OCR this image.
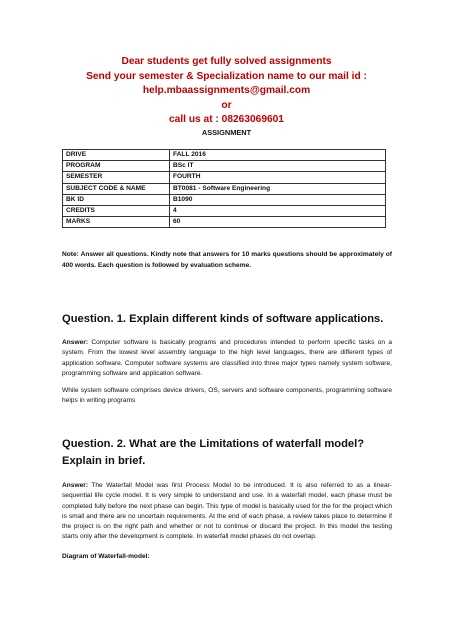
Dear students get fully solved assignments
Send your semester & Specialization name to our mail id :
help.mbaassignments@gmail.com
or
call us at : 08263069601
ASSIGNMENT
DRIVE	FALL 2016
PROGRAM	BSc IT
SEMESTER	FOURTH
SUBJECT CODE & NAME	BT0081 - Software Engineering
BK ID	B1090
CREDITS	4
MARKS	60
Note: Answer all questions. Kindly note that answers for 10 marks questions should be approximately of 400 words. Each question is followed by evaluation scheme.
Question. 1. Explain different kinds of software applications.
Answer: Computer software is basically programs and procedures intended to perform specific tasks on a system. From the lowest level assembly language to the high level languages, there are different types of application software. Computer software systems are classified into three major types namely system software, programming software and application software.
While system software comprises device drivers, OS, servers and software components, programming software helps in writing programs
Question. 2. What are the Limitations of waterfall model? Explain in brief.
Answer: The Waterfall Model was first Process Model to be introduced. It is also referred to as a linear-sequential life cycle model. It is very simple to understand and use. In a waterfall model, each phase must be completed fully before the next phase can begin. This type of model is basically used for the for the project which is small and there are no uncertain requirements. At the end of each phase, a review takes place to determine if the project is on the right path and whether or not to continue or discard the project. In this model the testing starts only after the development is complete. In waterfall model phases do not overlap.
Diagram of Waterfall-model:
